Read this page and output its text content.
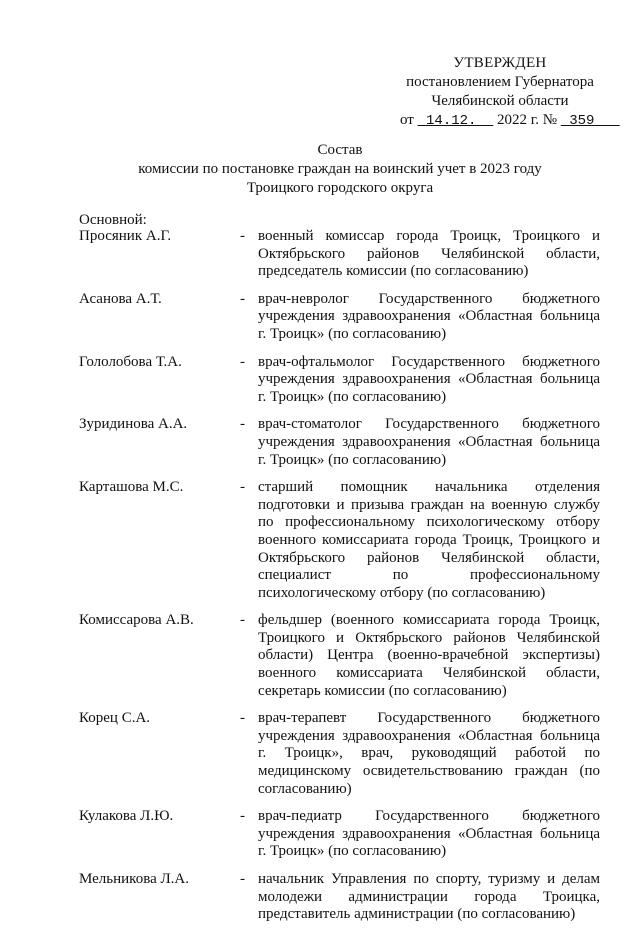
УТВЕРЖДЕН
постановлением Губернатора
Челябинской области
от 14.12. 2022 г. № 359
Состав
комиссии по постановке граждан на воинский учет в 2023 году
Троицкого городского округа
Основной:
Просяник А.Г.	- военный комиссар города Троицк, Троицкого и Октябрьского районов Челябинской области, председатель комиссии (по согласованию)
Асанова А.Т.	- врач-невролог Государственного бюджетного учреждения здравоохранения «Областная больница г. Троицк» (по согласованию)
Гололобова Т.А.	- врач-офтальмолог Государственного бюджетного учреждения здравоохранения «Областная больница г. Троицк» (по согласованию)
Зуридинова А.А.	- врач-стоматолог Государственного бюджетного учреждения здравоохранения «Областная больница г. Троицк» (по согласованию)
Карташова М.С.	- старший помощник начальника отделения подготовки и призыва граждан на военную службу по профессиональному психологическому отбору военного комиссариата города Троицк, Троицкого и Октябрьского районов Челябинской области, специалист по профессиональному психологическому отбору (по согласованию)
Комиссарова А.В.	- фельдшер (военного комиссариата города Троицк, Троицкого и Октябрьского районов Челябинской области) Центра (военно-врачебной экспертизы) военного комиссариата Челябинской области, секретарь комиссии (по согласованию)
Корец С.А.	- врач-терапевт Государственного бюджетного учреждения здравоохранения «Областная больница г. Троицк», врач, руководящий работой по медицинскому освидетельствованию граждан (по согласованию)
Кулакова Л.Ю.	- врач-педиатр Государственного бюджетного учреждения здравоохранения «Областная больница г. Троицк» (по согласованию)
Мельникова Л.А.	- начальник Управления по спорту, туризму и делам молодежи администрации города Троицка, представитель администрации (по согласованию)
